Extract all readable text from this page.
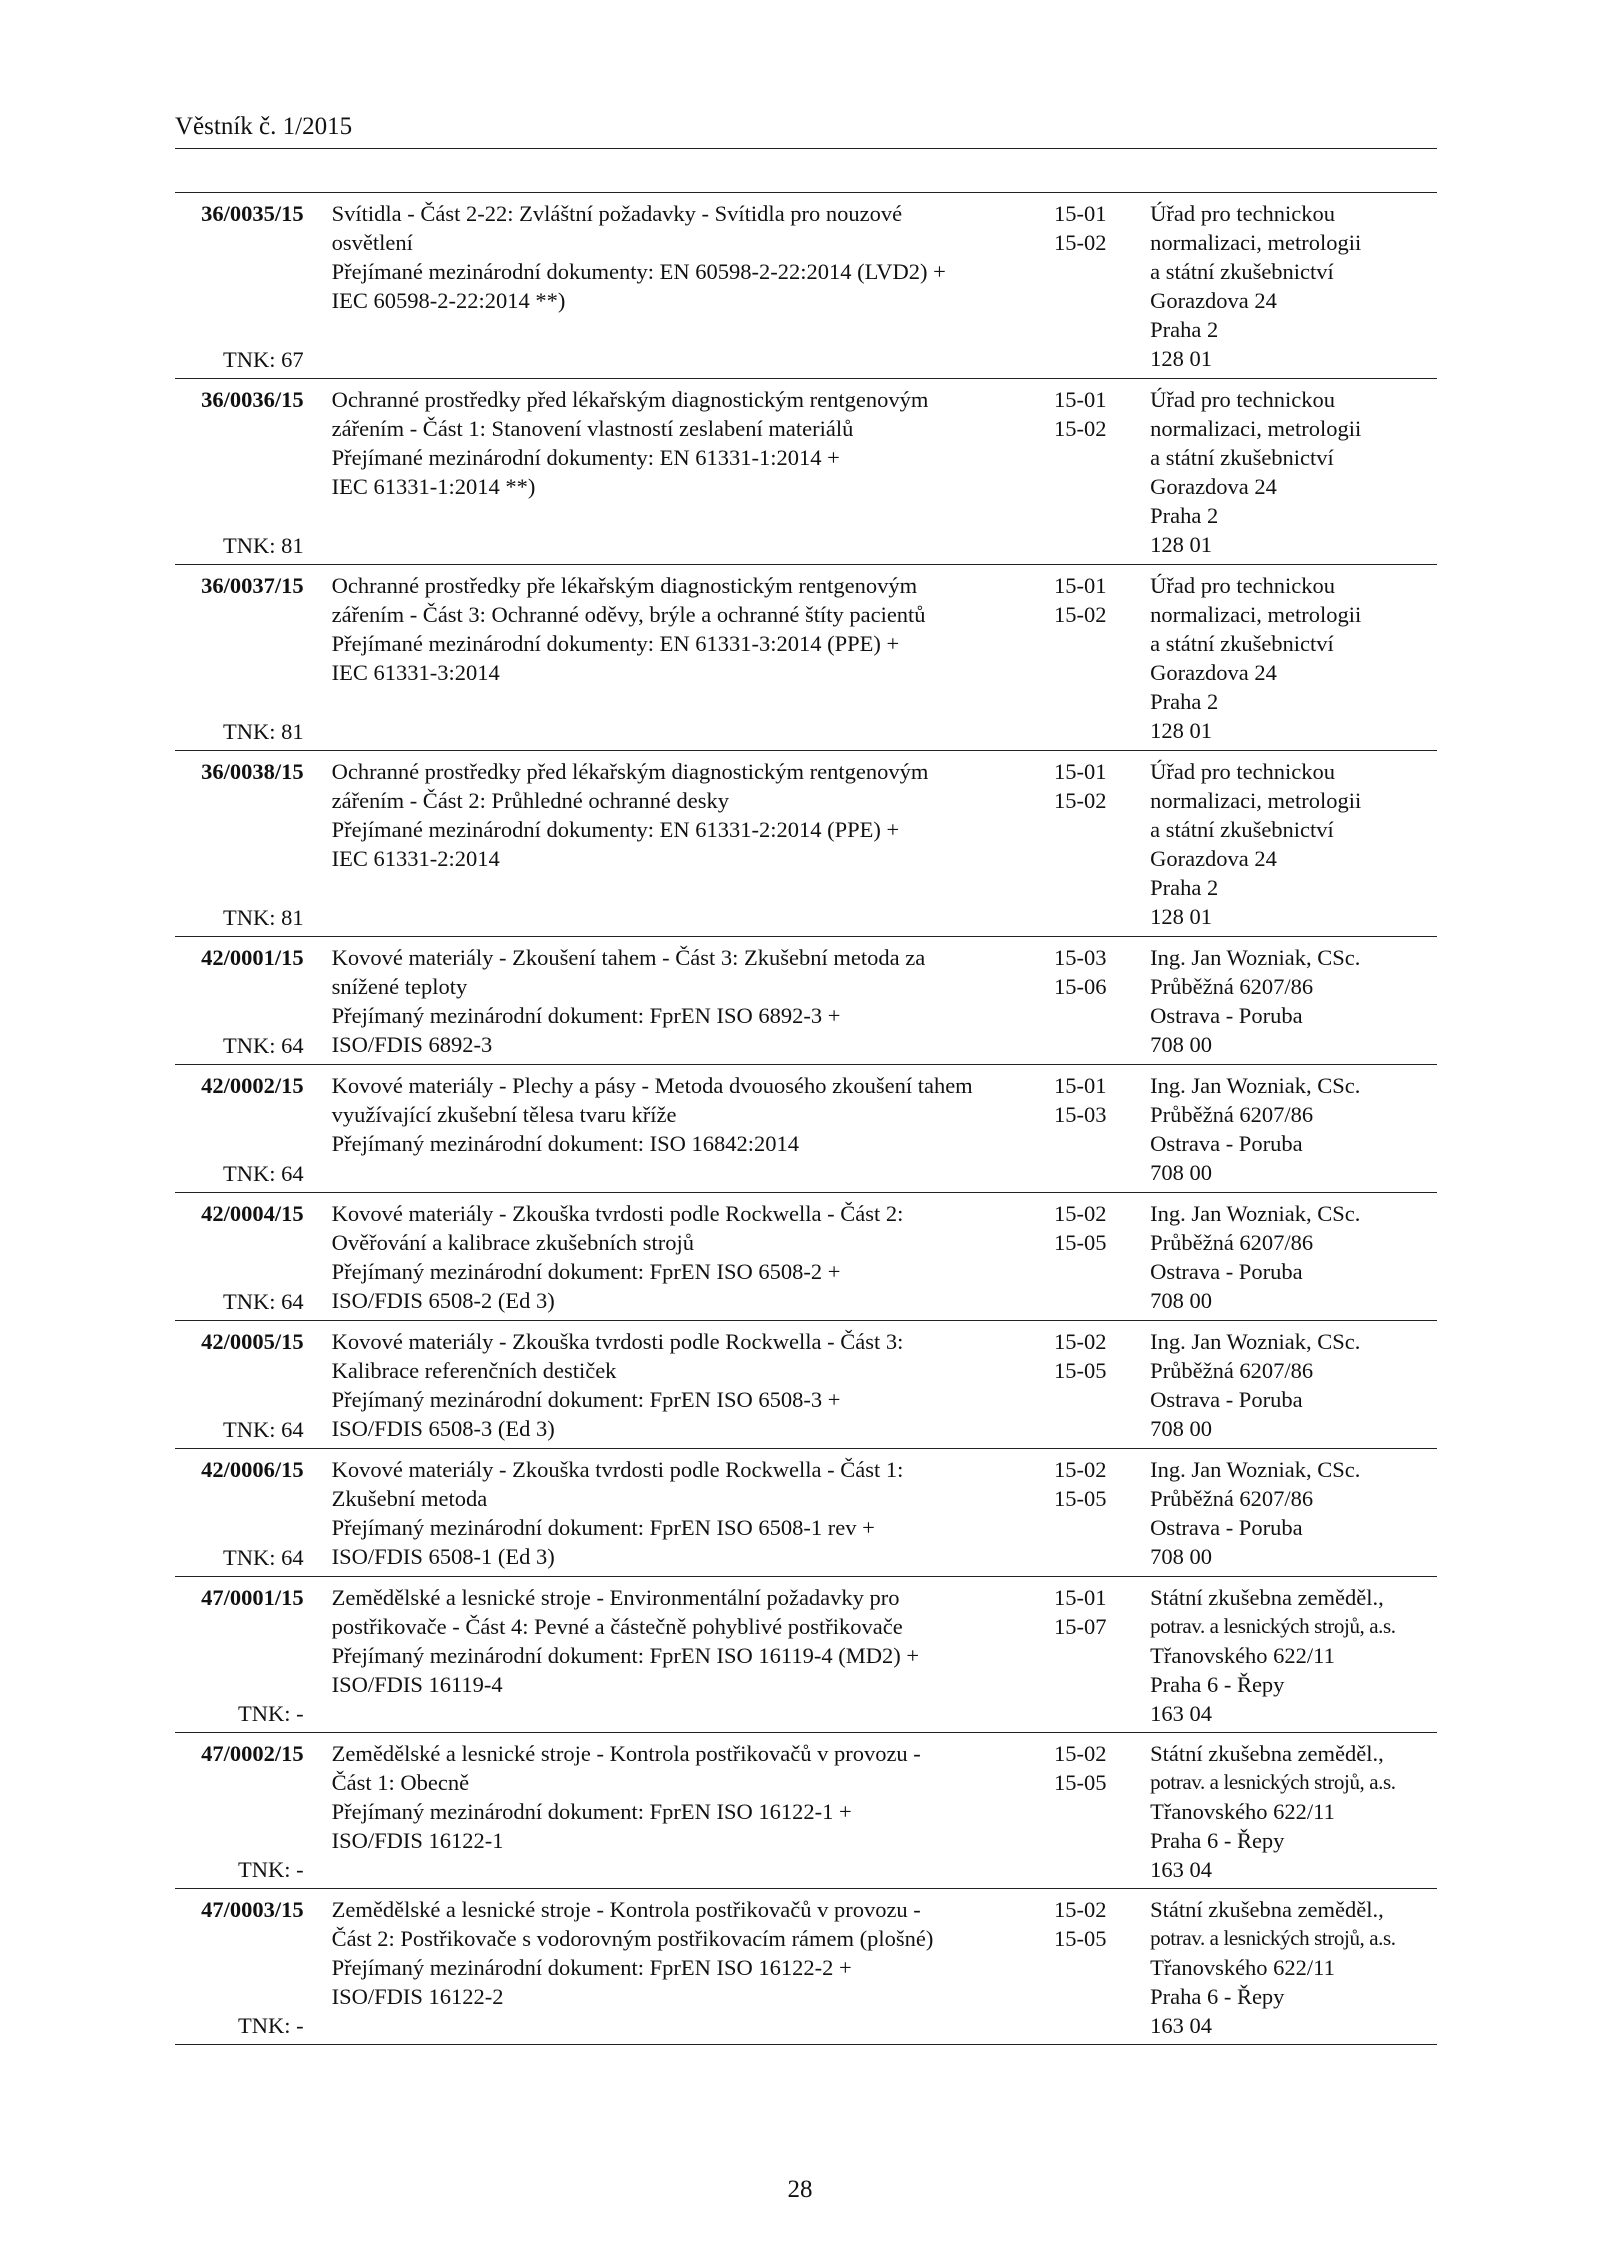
Věstník č. 1/2015
36/0035/15
TNK: 67
Svítidla - Část 2-22: Zvláštní požadavky - Svítidla pro nouzové
osvětlení
Přejímané mezinárodní dokumenty: EN 60598-2-22:2014 (LVD2) +
IEC 60598-2-22:2014 **)
15-01
15-02
Úřad pro technickou
normalizaci, metrologii
a státní zkušebnictví
Gorazdova 24
Praha 2
128 01
36/0036/15
TNK: 81
Ochranné prostředky před lékařským diagnostickým rentgenovým
zářením - Část 1: Stanovení vlastností zeslabení materiálů
Přejímané mezinárodní dokumenty: EN 61331-1:2014 +
IEC 61331-1:2014 **)
15-01
15-02
Úřad pro technickou
normalizaci, metrologii
a státní zkušebnictví
Gorazdova 24
Praha 2
128 01
36/0037/15
TNK: 81
Ochranné prostředky pře lékařským diagnostickým rentgenovým
zářením - Část 3: Ochranné oděvy, brýle a ochranné štíty pacientů
Přejímané mezinárodní dokumenty: EN 61331-3:2014 (PPE) +
IEC 61331-3:2014
15-01
15-02
Úřad pro technickou
normalizaci, metrologii
a státní zkušebnictví
Gorazdova 24
Praha 2
128 01
36/0038/15
TNK: 81
Ochranné prostředky před lékařským diagnostickým rentgenovým
zářením - Část 2: Průhledné ochranné desky
Přejímané mezinárodní dokumenty: EN 61331-2:2014 (PPE) +
IEC 61331-2:2014
15-01
15-02
Úřad pro technickou
normalizaci, metrologii
a státní zkušebnictví
Gorazdova 24
Praha 2
128 01
42/0001/15
TNK: 64
Kovové materiály - Zkoušení tahem - Část 3: Zkušební metoda za
snížené teploty
Přejímaný mezinárodní dokument: FprEN ISO 6892-3 +
ISO/FDIS 6892-3
15-03
15-06
Ing. Jan Wozniak, CSc.
Průběžná 6207/86
Ostrava - Poruba
708 00
42/0002/15
TNK: 64
Kovové materiály - Plechy a pásy - Metoda dvouosého zkoušení tahem
využívající zkušební tělesa tvaru kříže
Přejímaný mezinárodní dokument: ISO 16842:2014
15-01
15-03
Ing. Jan Wozniak, CSc.
Průběžná 6207/86
Ostrava - Poruba
708 00
42/0004/15
TNK: 64
Kovové materiály - Zkouška tvrdosti podle Rockwella - Část 2:
Ověřování a kalibrace zkušebních strojů
Přejímaný mezinárodní dokument: FprEN ISO 6508-2 +
ISO/FDIS 6508-2 (Ed 3)
15-02
15-05
Ing. Jan Wozniak, CSc.
Průběžná 6207/86
Ostrava - Poruba
708 00
42/0005/15
TNK: 64
Kovové materiály - Zkouška tvrdosti podle Rockwella - Část 3:
Kalibrace referenčních destiček
Přejímaný mezinárodní dokument: FprEN ISO 6508-3 +
ISO/FDIS 6508-3 (Ed 3)
15-02
15-05
Ing. Jan Wozniak, CSc.
Průběžná 6207/86
Ostrava - Poruba
708 00
42/0006/15
TNK: 64
Kovové materiály - Zkouška tvrdosti podle Rockwella - Část 1:
Zkušební metoda
Přejímaný mezinárodní dokument: FprEN ISO 6508-1 rev +
ISO/FDIS 6508-1 (Ed 3)
15-02
15-05
Ing. Jan Wozniak, CSc.
Průběžná 6207/86
Ostrava - Poruba
708 00
47/0001/15
TNK: -
Zemědělské a lesnické stroje - Environmentální požadavky pro
postřikovače - Část 4: Pevné a částečně pohyblivé postřikovače
Přejímaný mezinárodní dokument: FprEN ISO 16119-4 (MD2) +
ISO/FDIS 16119-4
15-01
15-07
Státní zkušebna zeměděl.,
potrav. a lesnických strojů, a.s.
Třanovského 622/11
Praha 6 - Řepy
163 04
47/0002/15
TNK: -
Zemědělské a lesnické stroje - Kontrola postřikovačů v provozu -
Část 1: Obecně
Přejímaný mezinárodní dokument: FprEN ISO 16122-1 +
ISO/FDIS 16122-1
15-02
15-05
Státní zkušebna zeměděl.,
potrav. a lesnických strojů, a.s.
Třanovského 622/11
Praha 6 - Řepy
163 04
47/0003/15
TNK: -
Zemědělské a lesnické stroje - Kontrola postřikovačů v provozu -
Část 2: Postřikovače s vodorovným postřikovacím rámem (plošné)
Přejímaný mezinárodní dokument: FprEN ISO 16122-2 +
ISO/FDIS 16122-2
15-02
15-05
Státní zkušebna zeměděl.,
potrav. a lesnických strojů, a.s.
Třanovského 622/11
Praha 6 - Řepy
163 04
28
